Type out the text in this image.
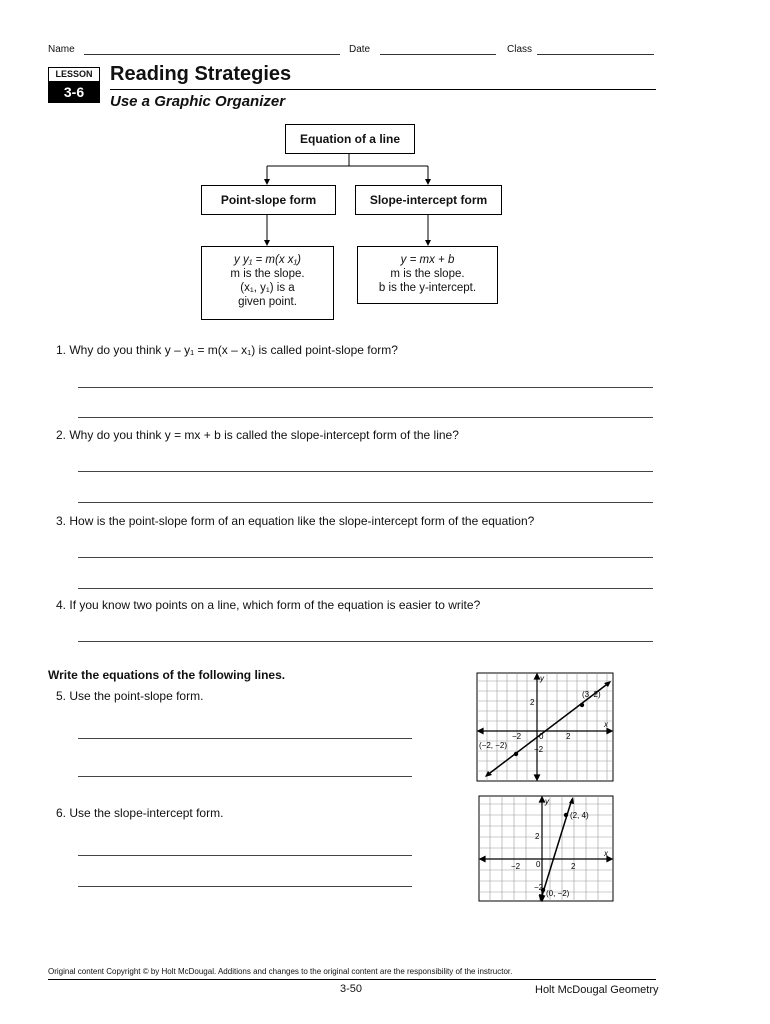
Name	Date	Class
LESSON
3-6
Reading Strategies
Use a Graphic Organizer
Equation of a line
Point-slope form	Slope-intercept form
y y₁ = m(x x₁)
m is the slope.
(x₁, y₁) is a
given point.
y = mx + b
m is the slope.
b is the y-intercept.
1. Why do you think y – y₁ = m(x – x₁) is called point-slope form?
2. Why do you think y = mx + b is called the slope-intercept form of the line?
3. How is the point-slope form of an equation like the slope-intercept form of the equation?
4. If you know two points on a line, which form of the equation is easier to write?
Write the equations of the following lines.
5. Use the point-slope form.
6. Use the slope-intercept form.
y
x
2
2
−2 0
−2
(3, 2)
(−2, −2)
y
x
2
2
−2 0
−2
(2, 4)
(0, −2)
Original content Copyright © by Holt McDougal. Additions and changes to the original content are the responsibility of the instructor.
3-50	Holt McDougal Geometry
